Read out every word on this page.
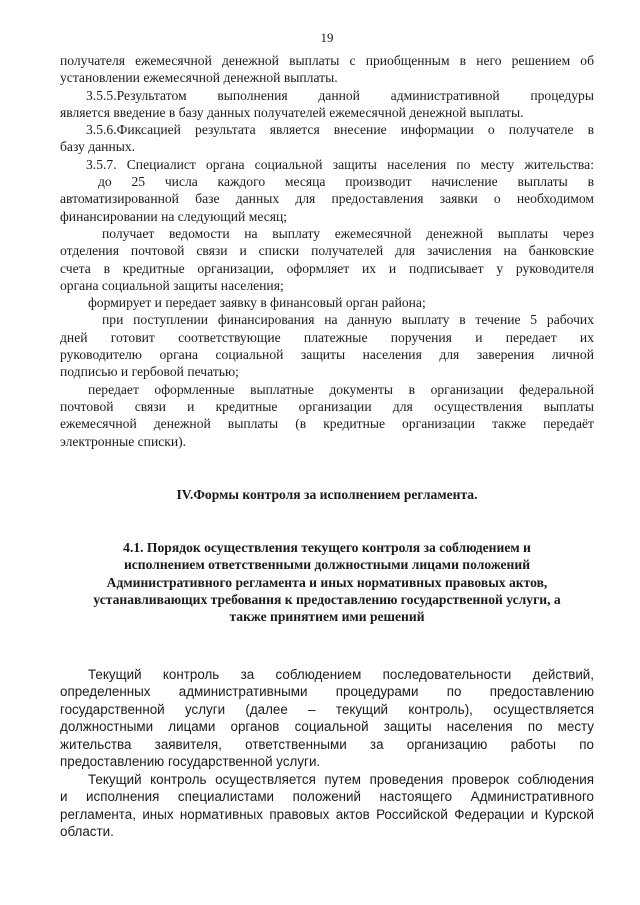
19
получателя ежемесячной денежной выплаты с приобщенным в него решением об
установлении ежемесячной денежной выплаты.
3.5.5.Результатом выполнения данной административной процедуры
является введение в базу данных получателей ежемесячной денежной выплаты.
3.5.6.Фиксацией результата является внесение информации о получателе в
базу данных.
3.5.7. Специалист органа социальной защиты населения по месту жительства:
до 25 числа каждого месяца производит начисление выплаты в
автоматизированной базе данных для предоставления заявки о необходимом
финансировании на следующий месяц;
получает ведомости на выплату ежемесячной денежной выплаты через
отделения почтовой связи и списки получателей для зачисления на банковские
счета в кредитные организации, оформляет их и подписывает у руководителя
органа социальной защиты населения;
формирует и передает заявку в финансовый орган района;
при поступлении финансирования на данную выплату в течение 5 рабочих
дней готовит соответствующие платежные поручения и передает их
руководителю органа социальной защиты населения для заверения личной
подписью и гербовой печатью;
передает оформленные выплатные документы в организации федеральной
почтовой связи и кредитные организации для осуществления выплаты
ежемесячной денежной выплаты (в кредитные организации также передаёт
электронные списки).
IV.Формы контроля за исполнением регламента.
4.1. Порядок осуществления текущего контроля за соблюдением и
исполнением ответственными должностными лицами положений
Административного регламента и иных нормативных правовых актов,
устанавливающих требования к предоставлению государственной услуги, а
также принятием ими решений
Текущий контроль за соблюдением последовательности действий,
определенных административными процедурами по предоставлению
государственной услуги (далее – текущий контроль), осуществляется
должностными лицами органов социальной защиты населения по месту
жительства заявителя, ответственными за организацию работы по
предоставлению государственной услуги.
Текущий контроль осуществляется путем проведения проверок соблюдения
и исполнения специалистами положений настоящего Административного
регламента, иных нормативных правовых актов Российской Федерации и Курской
области.
